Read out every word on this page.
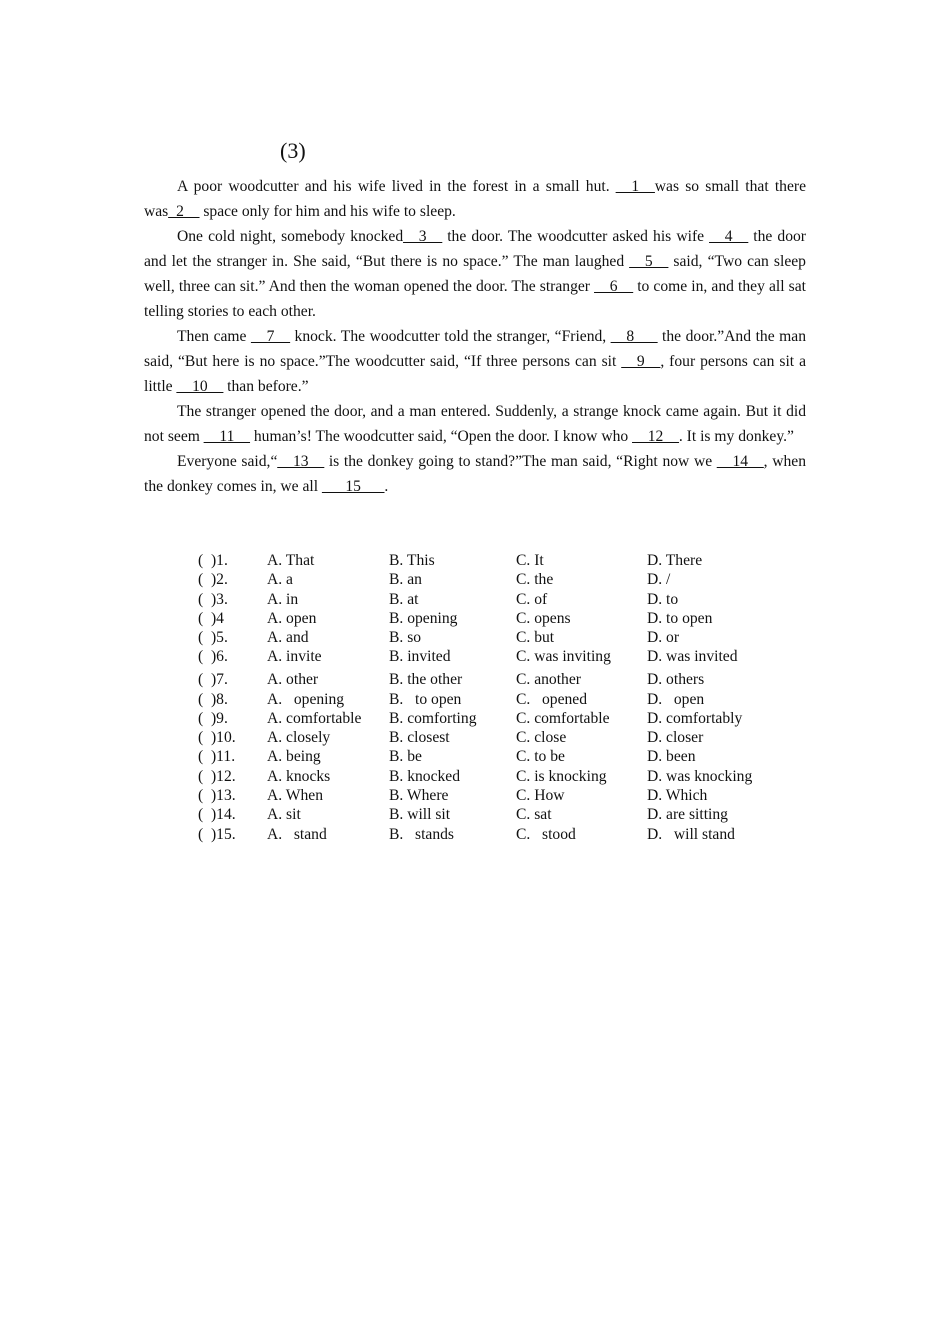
(3)

A poor woodcutter and his wife lived in the forest in a small hut. __1__was so small that there was_2__ space only for him and his wife to sleep.

One cold night, somebody knocked__3__ the door. The woodcutter asked his wife __4__ the door and let the stranger in. She said, “But there is no space.” The man laughed __5__ said, “Two can sleep well, three can sit.” And then the woman opened the door. The stranger __6__ to come in, and they all sat telling stories to each other.

Then came __7__ knock. The woodcutter told the stranger, “Friend, __8___ the door.”And the man said, “But here is no space.”The woodcutter said, “If three persons can sit __9__, four persons can sit a little __10__ than before.”

The stranger opened the door, and a man entered. Suddenly, a strange knock came again. But it did not seem __11__ human’s! The woodcutter said, “Open the door. I know who __12__. It is my donkey.”

Everyone said,“__13__ is the donkey going to stand?”The man said, “Right now we __14__, when the donkey comes in, we all ___15___.

(  )1.	A. That	B. This	C. It	D. There
(  )2.	A. a	B. an	C. the	D. /
(  )3.	A. in	B. at	C. of	D. to
(  )4	A. open	B. opening	C. opens	D. to open
(  )5.	A. and	B. so	C. but	D. or
(  )6.	A. invite	B. invited	C. was inviting	D. was invited
(  )7.	A. other	B. the other	C. another	D. others
(  )8.	A.   opening	B.   to open	C.   opened	D.   open
(  )9.	A. comfortable	B. comforting	C. comfortable	D. comfortably
(  )10.	A. closely	B. closest	C. close	D. closer
(  )11.	A. being	B. be	C. to be	D. been
(  )12.	A. knocks	B. knocked	C. is knocking	D. was knocking
(  )13.	A. When	B. Where	C. How	D. Which
(  )14.	A. sit	B. will sit	C. sat	D. are sitting
(  )15.	A.   stand	B.   stands	C.   stood	D.   will stand
